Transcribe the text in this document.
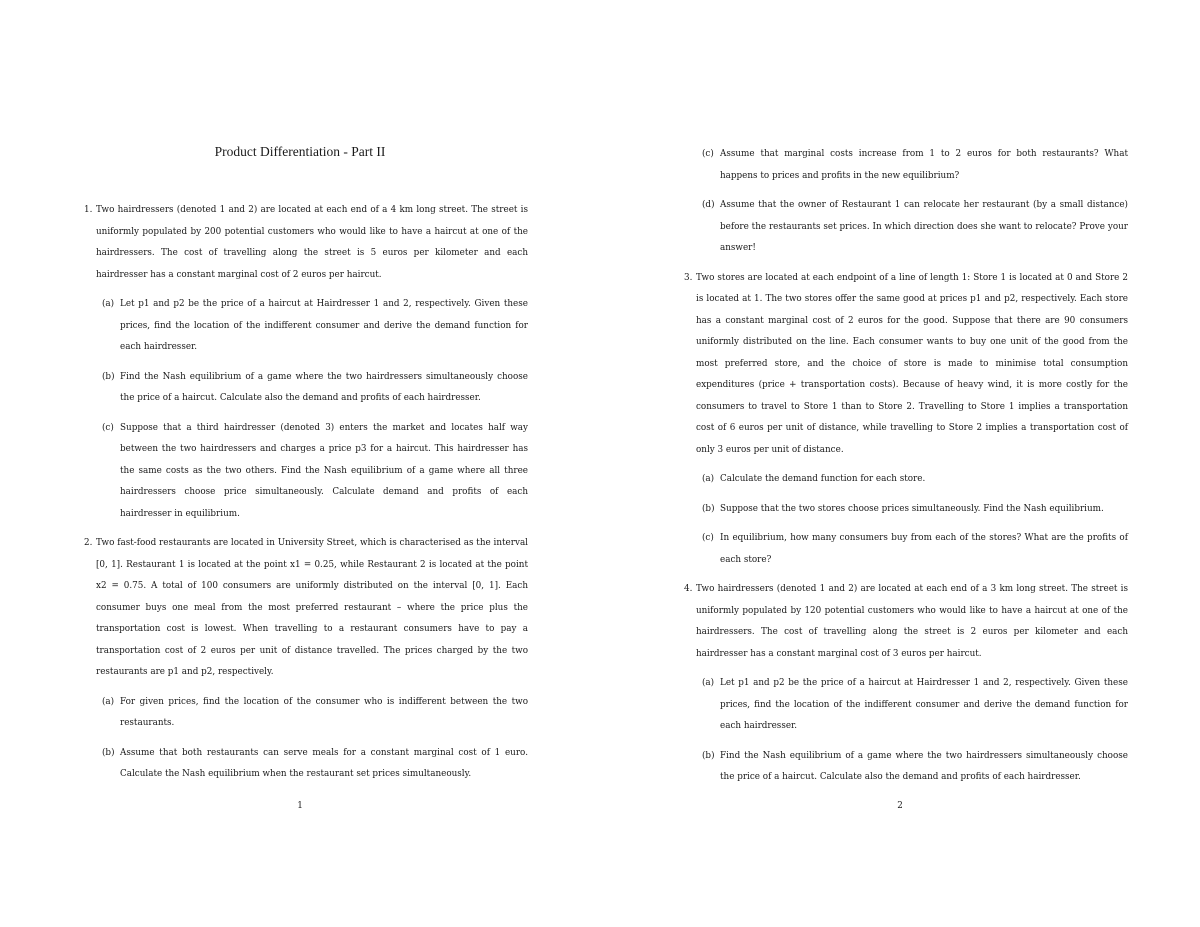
Product Differentiation - Part II
1. Two hairdressers (denoted 1 and 2) are located at each end of a 4 km long street. The street is uniformly populated by 200 potential customers who would like to have a haircut at one of the hairdressers. The cost of travelling along the street is 5 euros per kilometer and each hairdresser has a constant marginal cost of 2 euros per haircut.
(a) Let p1 and p2 be the price of a haircut at Hairdresser 1 and 2, respectively. Given these prices, find the location of the indifferent consumer and derive the demand function for each hairdresser.
(b) Find the Nash equilibrium of a game where the two hairdressers simultaneously choose the price of a haircut. Calculate also the demand and profits of each hairdresser.
(c) Suppose that a third hairdresser (denoted 3) enters the market and locates half way between the two hairdressers and charges a price p3 for a haircut. This hairdresser has the same costs as the two others. Find the Nash equilibrium of a game where all three hairdressers choose price simultaneously. Calculate demand and profits of each hairdresser in equilibrium.
2. Two fast-food restaurants are located in University Street, which is characterised as the interval [0, 1]. Restaurant 1 is located at the point x1 = 0.25, while Restaurant 2 is located at the point x2 = 0.75. A total of 100 consumers are uniformly distributed on the interval [0, 1]. Each consumer buys one meal from the most preferred restaurant – where the price plus the transportation cost is lowest. When travelling to a restaurant consumers have to pay a transportation cost of 2 euros per unit of distance travelled. The prices charged by the two restaurants are p1 and p2, respectively.
(a) For given prices, find the location of the consumer who is indifferent between the two restaurants.
(b) Assume that both restaurants can serve meals for a constant marginal cost of 1 euro. Calculate the Nash equilibrium when the restaurant set prices simultaneously.
1
(c) Assume that marginal costs increase from 1 to 2 euros for both restaurants? What happens to prices and profits in the new equilibrium?
(d) Assume that the owner of Restaurant 1 can relocate her restaurant (by a small distance) before the restaurants set prices. In which direction does she want to relocate? Prove your answer!
3. Two stores are located at each endpoint of a line of length 1: Store 1 is located at 0 and Store 2 is located at 1. The two stores offer the same good at prices p1 and p2, respectively. Each store has a constant marginal cost of 2 euros for the good. Suppose that there are 90 consumers uniformly distributed on the line. Each consumer wants to buy one unit of the good from the most preferred store, and the choice of store is made to minimise total consumption expenditures (price + transportation costs). Because of heavy wind, it is more costly for the consumers to travel to Store 1 than to Store 2. Travelling to Store 1 implies a transportation cost of 6 euros per unit of distance, while travelling to Store 2 implies a transportation cost of only 3 euros per unit of distance.
(a) Calculate the demand function for each store.
(b) Suppose that the two stores choose prices simultaneously. Find the Nash equilibrium.
(c) In equilibrium, how many consumers buy from each of the stores? What are the profits of each store?
4. Two hairdressers (denoted 1 and 2) are located at each end of a 3 km long street. The street is uniformly populated by 120 potential customers who would like to have a haircut at one of the hairdressers. The cost of travelling along the street is 2 euros per kilometer and each hairdresser has a constant marginal cost of 3 euros per haircut.
(a) Let p1 and p2 be the price of a haircut at Hairdresser 1 and 2, respectively. Given these prices, find the location of the indifferent consumer and derive the demand function for each hairdresser.
(b) Find the Nash equilibrium of a game where the two hairdressers simultaneously choose the price of a haircut. Calculate also the demand and profits of each hairdresser.
2
